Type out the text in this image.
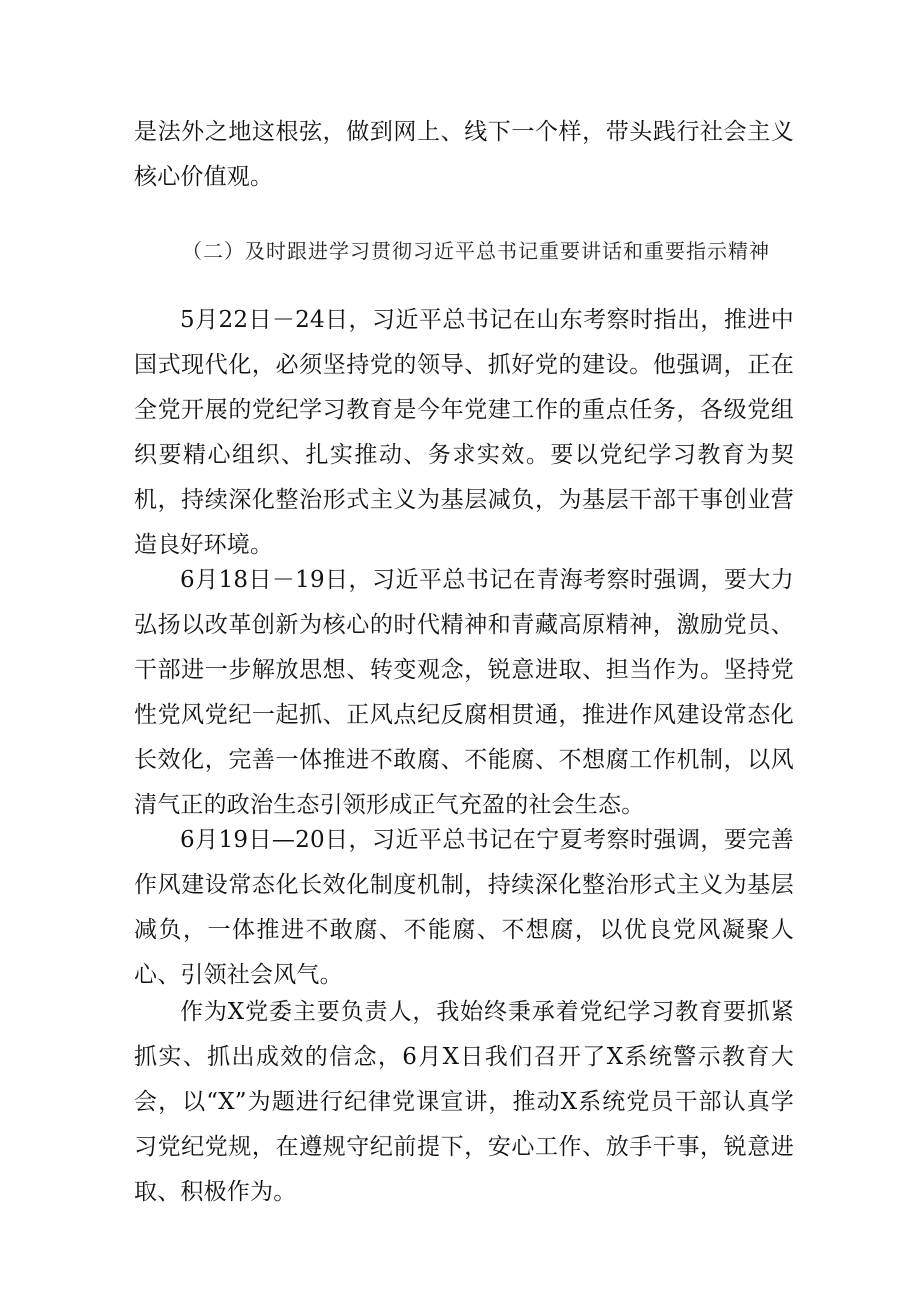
是法外之地这根弦，做到网上、线下一个样，带头践行社会主义核心价值观。

（二）及时跟进学习贯彻习近平总书记重要讲话和重要指示精神

5月22日－24日，习近平总书记在山东考察时指出，推进中国式现代化，必须坚持党的领导、抓好党的建设。他强调，正在全党开展的党纪学习教育是今年党建工作的重点任务，各级党组织要精心组织、扎实推动、务求实效。要以党纪学习教育为契机，持续深化整治形式主义为基层减负，为基层干部干事创业营造良好环境。

6月18日－19日，习近平总书记在青海考察时强调，要大力弘扬以改革创新为核心的时代精神和青藏高原精神，激励党员、干部进一步解放思想、转变观念，锐意进取、担当作为。坚持党性党风党纪一起抓、正风点纪反腐相贯通，推进作风建设常态化长效化，完善一体推进不敢腐、不能腐、不想腐工作机制，以风清气正的政治生态引领形成正气充盈的社会生态。

6月19日—20日，习近平总书记在宁夏考察时强调，要完善作风建设常态化长效化制度机制，持续深化整治形式主义为基层减负，一体推进不敢腐、不能腐、不想腐，以优良党风凝聚人心、引领社会风气。

作为X党委主要负责人，我始终秉承着党纪学习教育要抓紧抓实、抓出成效的信念，6月X日我们召开了X系统警示教育大会，以“X”为题进行纪律党课宣讲，推动X系统党员干部认真学习党纪党规，在遵规守纪前提下，安心工作、放手干事，锐意进取、积极作为。
